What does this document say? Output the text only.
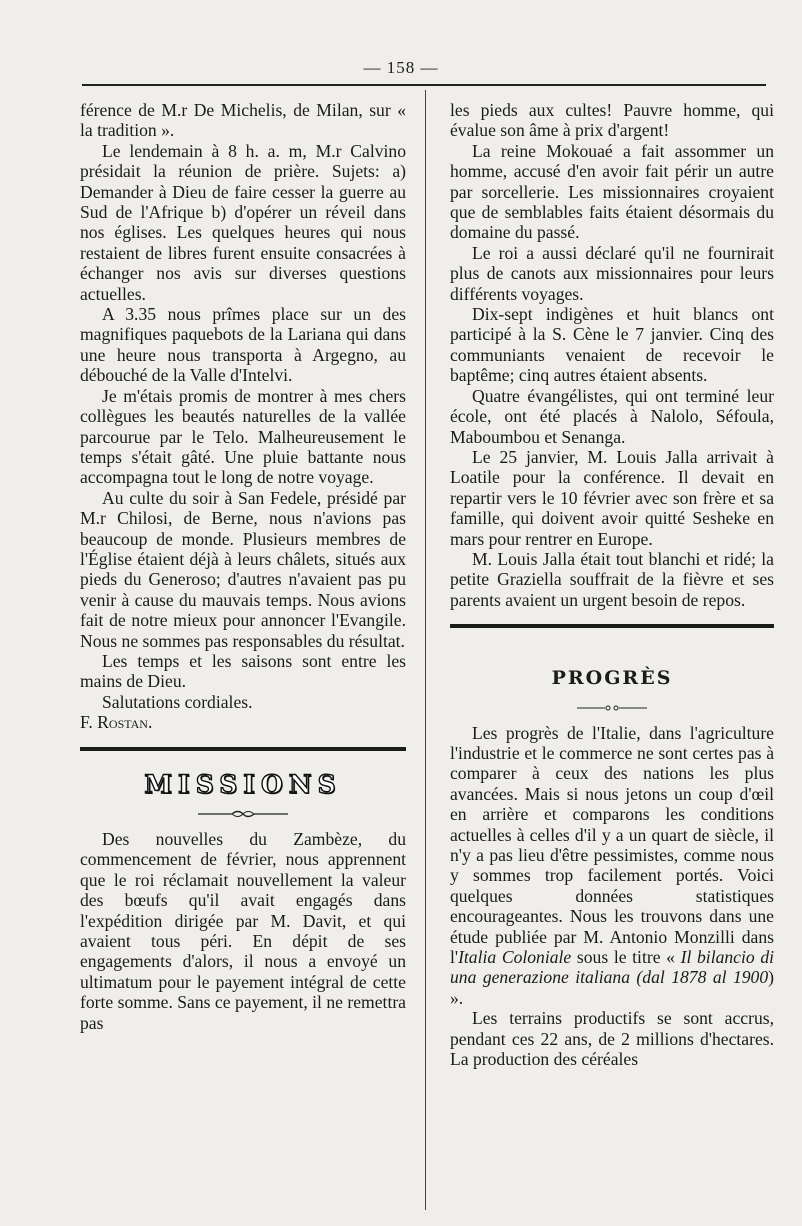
— 158 —

férence de M.r De Michelis, de Milan, sur « la tradition ».

Le lendemain à 8 h. a. m, M.r Calvino présidait la réunion de prière. Sujets: a) Demander à Dieu de faire cesser la guerre au Sud de l'Afrique b) d'opérer un réveil dans nos églises. Les quelques heures qui nous restaient de libres furent ensuite consacrées à échanger nos avis sur diverses questions actuelles.

A 3.35 nous prîmes place sur un des magnifiques paquebots de la Lariana qui dans une heure nous transporta à Argegno, au débouché de la Valle d'Intelvi.

Je m'étais promis de montrer à mes chers collègues les beautés naturelles de la vallée parcourue par le Telo. Malheureusement le temps s'était gâté. Une pluie battante nous accompagna tout le long de notre voyage.

Au culte du soir à San Fedele, présidé par M.r Chilosi, de Berne, nous n'avions pas beaucoup de monde. Plusieurs membres de l'Église étaient déjà à leurs châlets, situés aux pieds du Generoso; d'autres n'avaient pas pu venir à cause du mauvais temps. Nous avions fait de notre mieux pour annoncer l'Evangile. Nous ne sommes pas responsables du résultat.

Les temps et les saisons sont entre les mains de Dieu.

Salutations cordiales.

F. Rostan.

MISSIONS

Des nouvelles du Zambèze, du commencement de février, nous apprennent que le roi réclamait nouvellement la valeur des bœufs qu'il avait engagés dans l'expédition dirigée par M. Davit, et qui avaient tous péri. En dépit de ses engagements d'alors, il nous a envoyé un ultimatum pour le payement intégral de cette forte somme. Sans ce payement, il ne remettra pas

les pieds aux cultes! Pauvre homme, qui évalue son âme à prix d'argent!

La reine Mokouaé a fait assommer un homme, accusé d'en avoir fait périr un autre par sorcellerie. Les missionnaires croyaient que de semblables faits étaient désormais du domaine du passé.

Le roi a aussi déclaré qu'il ne fournirait plus de canots aux missionnaires pour leurs différents voyages.

Dix-sept indigènes et huit blancs ont participé à la S. Cène le 7 janvier. Cinq des communiants venaient de recevoir le baptême; cinq autres étaient absents.

Quatre évangélistes, qui ont terminé leur école, ont été placés à Nalolo, Séfoula, Maboumbou et Senanga.

Le 25 janvier, M. Louis Jalla arrivait à Loatile pour la conférence. Il devait en repartir vers le 10 février avec son frère et sa famille, qui doivent avoir quitté Sesheke en mars pour rentrer en Europe.

M. Louis Jalla était tout blanchi et ridé; la petite Graziella souffrait de la fièvre et ses parents avaient un urgent besoin de repos.

PROGRÈS

Les progrès de l'Italie, dans l'agriculture l'industrie et le commerce ne sont certes pas à comparer à ceux des nations les plus avancées. Mais si nous jetons un coup d'œil en arrière et comparons les conditions actuelles à celles d'il y a un quart de siècle, il n'y a pas lieu d'être pessimistes, comme nous y sommes trop facilement portés. Voici quelques données statistiques encourageantes. Nous les trouvons dans une étude publiée par M. Antonio Monzilli dans l'Italia Coloniale sous le titre « Il bilancio di una generazione italiana (dal 1878 al 1900) ».

Les terrains productifs se sont accrus, pendant ces 22 ans, de 2 millions d'hectares. La production des céréales
